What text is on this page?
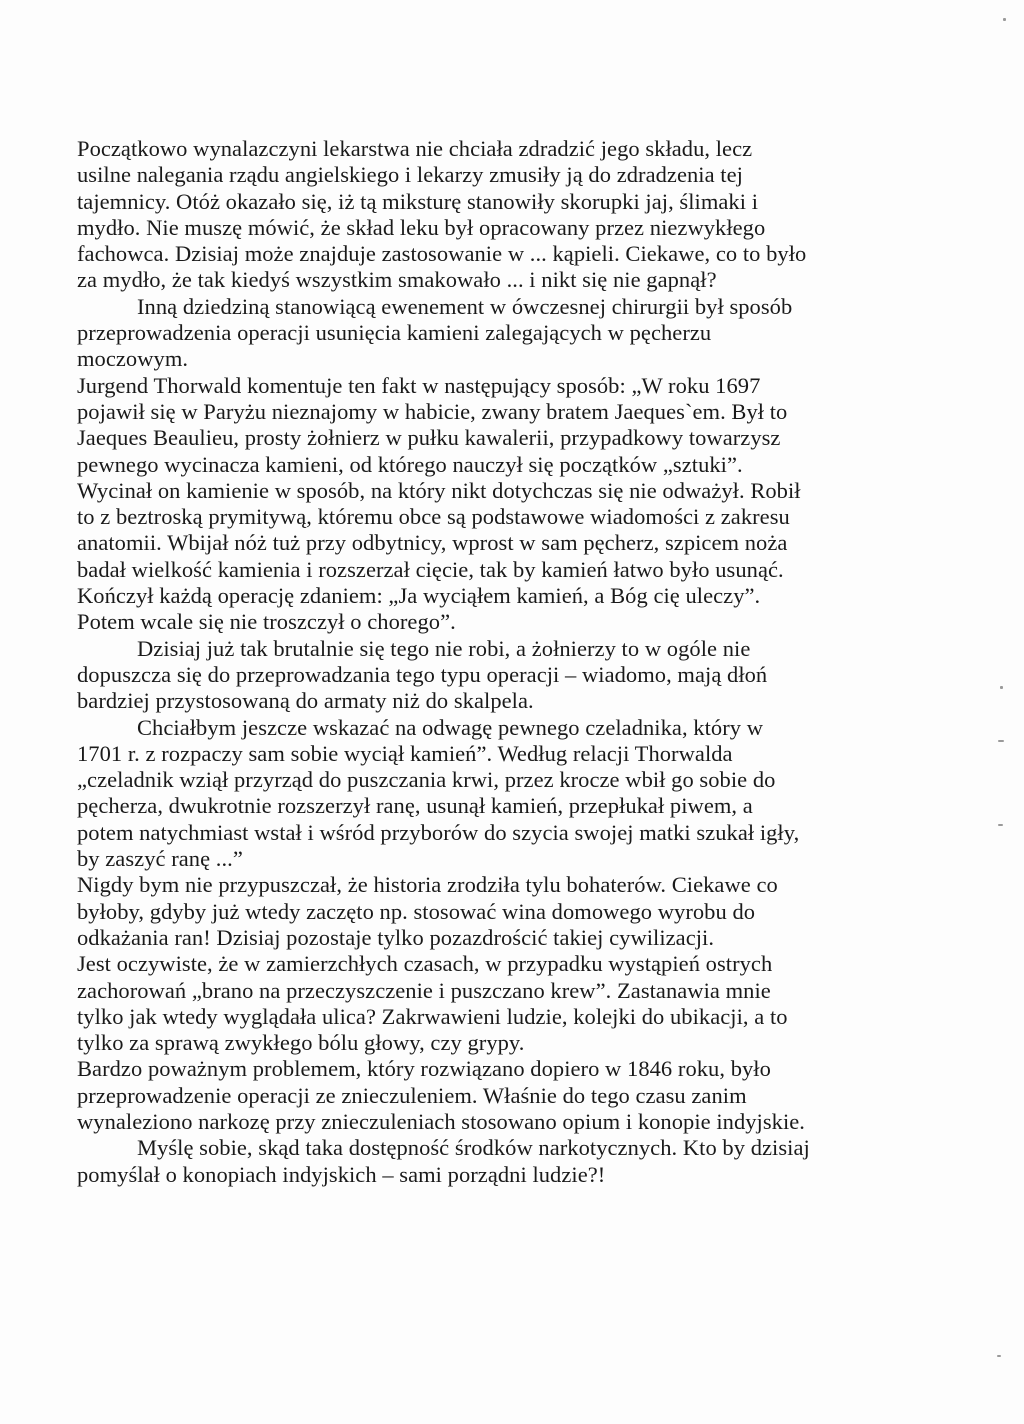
Początkowo wynalazczyni lekarstwa nie chciała zdradzić jego składu, lecz
usilne nalegania rządu angielskiego i lekarzy zmusiły ją do zdradzenia tej
tajemnicy. Otóż okazało się, iż tą miksturę stanowiły skorupki jaj, ślimaki i
mydło. Nie muszę mówić, że skład leku był opracowany przez niezwykłego
fachowca. Dzisiaj może znajduje zastosowanie w ... kąpieli. Ciekawe, co to było
za mydło, że tak kiedyś wszystkim smakowało ... i nikt się nie gapnął?
Inną dziedziną stanowiącą ewenement w ówczesnej chirurgii był sposób
przeprowadzenia operacji usunięcia kamieni zalegających w pęcherzu
moczowym.
Jurgend Thorwald komentuje ten fakt w następujący sposób: „W roku 1697
pojawił się w Paryżu nieznajomy w habicie, zwany bratem Jaeques`em. Był to
Jaeques Beaulieu, prosty żołnierz w pułku kawalerii, przypadkowy towarzysz
pewnego wycinacza kamieni, od którego nauczył się początków „sztuki”.
Wycinał on kamienie w sposób, na który nikt dotychczas się nie odważył. Robił
to z beztroską prymitywą, któremu obce są podstawowe wiadomości z zakresu
anatomii. Wbijał nóż tuż przy odbytnicy, wprost w sam pęcherz, szpicem noża
badał wielkość kamienia i rozszerzał cięcie, tak by kamień łatwo było usunąć.
Kończył każdą operację zdaniem: „Ja wyciąłem kamień, a Bóg cię uleczy”.
Potem wcale się nie troszczył o chorego”.
Dzisiaj już tak brutalnie się tego nie robi, a żołnierzy to w ogóle nie
dopuszcza się do przeprowadzania tego typu operacji – wiadomo, mają dłoń
bardziej przystosowaną do armaty niż do skalpela.
Chciałbym jeszcze wskazać na odwagę pewnego czeladnika, który w
1701 r. z rozpaczy sam sobie wyciął kamień”. Według relacji Thorwalda
„czeladnik wziął przyrząd do puszczania krwi, przez krocze wbił go sobie do
pęcherza, dwukrotnie rozszerzył ranę, usunął kamień, przepłukał piwem, a
potem natychmiast wstał i wśród przyborów do szycia swojej matki szukał igły,
by zaszyć ranę ...”
Nigdy bym nie przypuszczał, że historia zrodziła tylu bohaterów. Ciekawe co
byłoby, gdyby już wtedy zaczęto np. stosować wina domowego wyrobu do
odkażania ran! Dzisiaj pozostaje tylko pozazdrościć takiej cywilizacji.
Jest oczywiste, że w zamierzchłych czasach, w przypadku wystąpień ostrych
zachorowań „brano na przeczyszczenie i puszczano krew”. Zastanawia mnie
tylko jak wtedy wyglądała ulica? Zakrwawieni ludzie, kolejki do ubikacji, a to
tylko za sprawą zwykłego bólu głowy, czy grypy.
Bardzo poważnym problemem, który rozwiązano dopiero w 1846 roku, było
przeprowadzenie operacji ze znieczuleniem. Właśnie do tego czasu zanim
wynaleziono narkozę przy znieczuleniach stosowano opium i konopie indyjskie.
Myślę sobie, skąd taka dostępność środków narkotycznych. Kto by dzisiaj
pomyślał o konopiach indyjskich – sami porządni ludzie?!
